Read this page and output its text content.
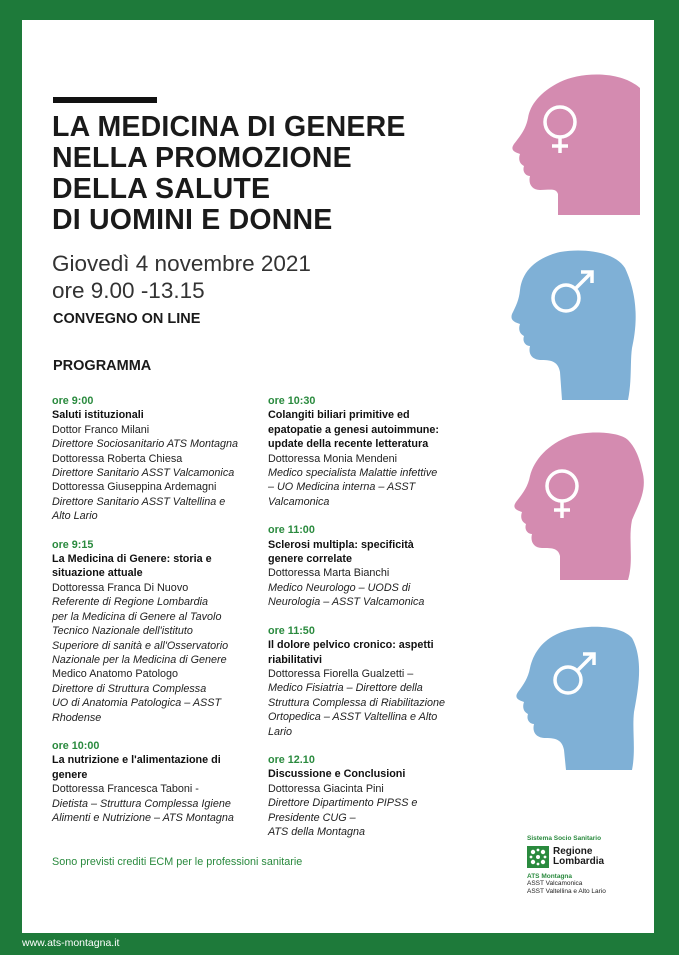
LA MEDICINA DI GENERE
NELLA PROMOZIONE
DELLA SALUTE
DI UOMINI E DONNE
Giovedì 4 novembre 2021
ore 9.00 -13.15
CONVEGNO ON LINE
PROGRAMMA
ore 9:00
Saluti istituzionali
Dottor Franco Milani
Direttore Sociosanitario ATS Montagna
Dottoressa Roberta Chiesa
Direttore Sanitario ASST Valcamonica
Dottoressa Giuseppina Ardemagni
Direttore Sanitario ASST Valtellina e
Alto Lario
ore 9:15
La Medicina di Genere: storia e
situazione attuale
Dottoressa Franca Di Nuovo
Referente di Regione Lombardia
per la Medicina di Genere al Tavolo
Tecnico Nazionale dell'istituto
Superiore di sanità e all'Osservatorio
Nazionale per la Medicina di Genere
Medico Anatomo Patologo
Direttore di Struttura Complessa
UO di Anatomia Patologica – ASST
Rhodense
ore 10:00
La nutrizione e l'alimentazione di
genere
Dottoressa Francesca Taboni -
Dietista – Struttura Complessa Igiene
Alimenti e Nutrizione – ATS Montagna
ore 10:30
Colangiti biliari primitive ed
epatopatie a genesi autoimmune:
update della recente letteratura
Dottoressa Monia Mendeni
Medico specialista Malattie infettive
– UO Medicina interna – ASST
Valcamonica
ore 11:00
Sclerosi multipla: specificità
genere correlate
Dottoressa Marta Bianchi
Medico Neurologo – UODS di
Neurologia – ASST Valcamonica
ore 11:50
Il dolore pelvico cronico: aspetti
riabilitativi
Dottoressa Fiorella Gualzetti –
Medico Fisiatria – Direttore della
Struttura Complessa di Riabilitazione
Ortopedica – ASST Valtellina e Alto
Lario
ore 12.10
Discussione e Conclusioni
Dottoressa Giacinta Pini
Direttore Dipartimento PIPSS e
Presidente CUG –
ATS della Montagna
Sono previsti crediti ECM per le professioni sanitarie
www.ats-montagna.it
Sistema Socio Sanitario
Regione
Lombardia
ATS Montagna
ASST Valcamonica
ASST Valtellina e Alto Lario
